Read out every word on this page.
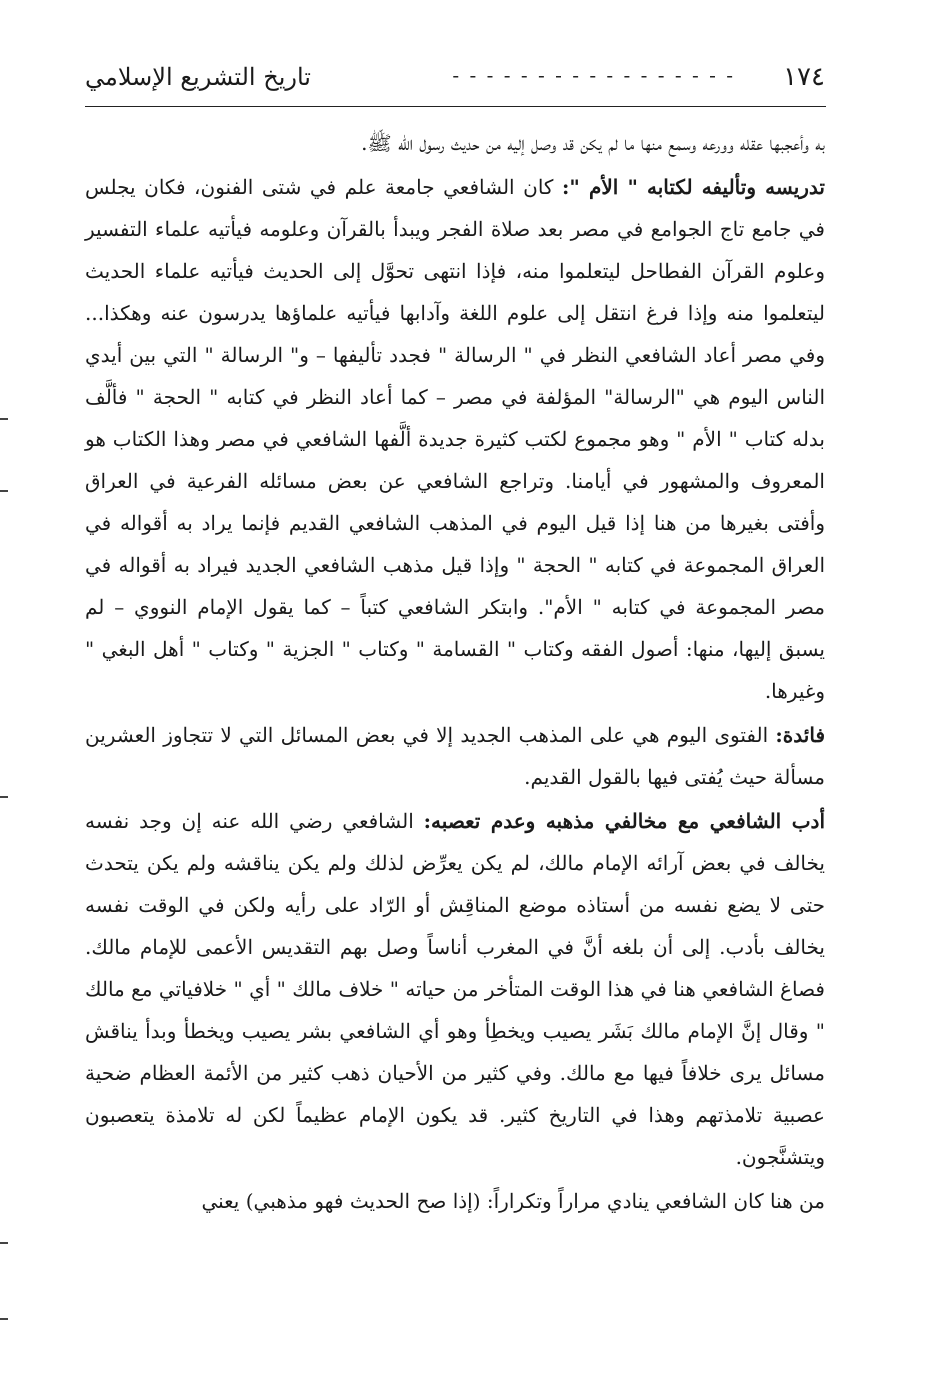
١٧٤
- - - - - - - - - - - - - - - - -
تاريخ التشريع الإسلامي

به وأعجبها عقله وورعه وسمع منها ما لم يكن قد وصل إليه من حديث رسول الله ﷺ.

تدريسه وتأليفه لكتابه " الأم ": كان الشافعي جامعة علم في شتى الفنون، فكان يجلس في جامع تاج الجوامع في مصر بعد صلاة الفجر ويبدأ بالقرآن وعلومه فيأتيه علماء التفسير وعلوم القرآن الفطاحل ليتعلموا منه، فإذا انتهى تحوَّل إلى الحديث فيأتيه علماء الحديث ليتعلموا منه وإذا فرغ انتقل إلى علوم اللغة وآدابها فيأتيه علماؤها يدرسون عنه وهكذا... وفي مصر أعاد الشافعي النظر في " الرسالة " فجدد تأليفها – و" الرسالة " التي بين أيدي الناس اليوم هي "الرسالة" المؤلفة في مصر – كما أعاد النظر في كتابه " الحجة " فألَّف بدله كتاب " الأم " وهو مجموع لكتب كثيرة جديدة ألَّفها الشافعي في مصر وهذا الكتاب هو المعروف والمشهور في أيامنا. وتراجع الشافعي عن بعض مسائله الفرعية في العراق وأفتى بغيرها من هنا إذا قيل اليوم في المذهب الشافعي القديم فإنما يراد به أقواله في العراق المجموعة في كتابه " الحجة " وإذا قيل مذهب الشافعي الجديد فيراد به أقواله في مصر المجموعة في كتابه " الأم". وابتكر الشافعي كتباً – كما يقول الإمام النووي – لم يسبق إليها، منها: أصول الفقه وكتاب " القسامة " وكتاب " الجزية " وكتاب " أهل البغي " وغيرها.

فائدة: الفتوى اليوم هي على المذهب الجديد إلا في بعض المسائل التي لا تتجاوز العشرين مسألة حيث يُفتى فيها بالقول القديم.

أدب الشافعي مع مخالفي مذهبه وعدم تعصبه: الشافعي رضي الله عنه إن وجد نفسه يخالف في بعض آرائه الإمام مالك، لم يكن يعرِّض لذلك ولم يكن يناقشه ولم يكن يتحدث حتى لا يضع نفسه من أستاذه موضع المناقِش أو الرّاد على رأيه ولكن في الوقت نفسه يخالف بأدب. إلى أن بلغه أنَّ في المغرب أناساً وصل بهم التقديس الأعمى للإمام مالك. فصاغ الشافعي هنا في هذا الوقت المتأخر من حياته " خلاف مالك " أي " خلافياتي مع مالك " وقال إنَّ الإمام مالك بَشَر يصيب ويخطِأ وهو أي الشافعي بشر يصيب ويخطأ وبدأ يناقش مسائل يرى خلافاً فيها مع مالك. وفي كثير من الأحيان ذهب كثير من الأئمة العظام ضحية عصبية تلامذتهم وهذا في التاريخ كثير. قد يكون الإمام عظيماً لكن له تلامذة يتعصبون ويتشنَّجون.

من هنا كان الشافعي ينادي مراراً وتكراراً: (إذا صح الحديث فهو مذهبي) يعني
